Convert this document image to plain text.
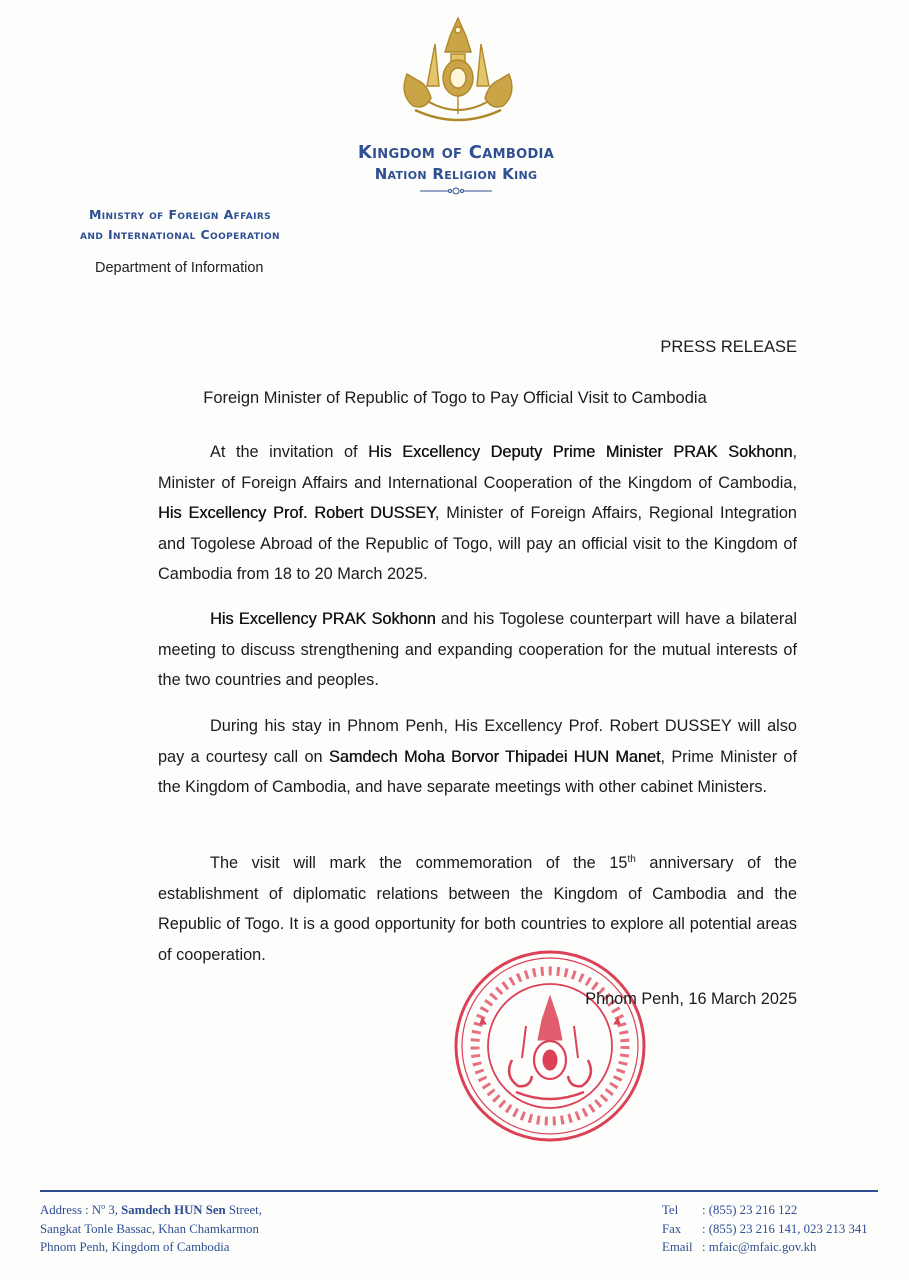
Kingdom of Cambodia
Nation Religion King
Ministry of Foreign Affairs
and International Cooperation
Department of Information
PRESS RELEASE
Foreign Minister of Republic of Togo to Pay Official Visit to Cambodia

At the invitation of His Excellency Deputy Prime Minister PRAK Sokhonn, Minister of Foreign Affairs and International Cooperation of the Kingdom of Cambodia, His Excellency Prof. Robert DUSSEY, Minister of Foreign Affairs, Regional Integration and Togolese Abroad of the Republic of Togo, will pay an official visit to the Kingdom of Cambodia from 18 to 20 March 2025.

His Excellency PRAK Sokhonn and his Togolese counterpart will have a bilateral meeting to discuss strengthening and expanding cooperation for the mutual interests of the two countries and peoples.

During his stay in Phnom Penh, His Excellency Prof. Robert DUSSEY will also pay a courtesy call on Samdech Moha Borvor Thipadei HUN Manet, Prime Minister of the Kingdom of Cambodia, and have separate meetings with other cabinet Ministers.

The visit will mark the commemoration of the 15th anniversary of the establishment of diplomatic relations between the Kingdom of Cambodia and the Republic of Togo. It is a good opportunity for both countries to explore all potential areas of cooperation.

Phnom Penh, 16 March 2025
Address : $N^o$ 3, Samdech HUN Sen Street,
Sangkat Tonle Bassac, Khan Chamkarmon
Phnom Penh, Kingdom of Cambodia
Tel	: (855) 23 216 122
Fax	: (855) 23 216 141, 023 213 341
Email : mfaic@mfaic.gov.kh
